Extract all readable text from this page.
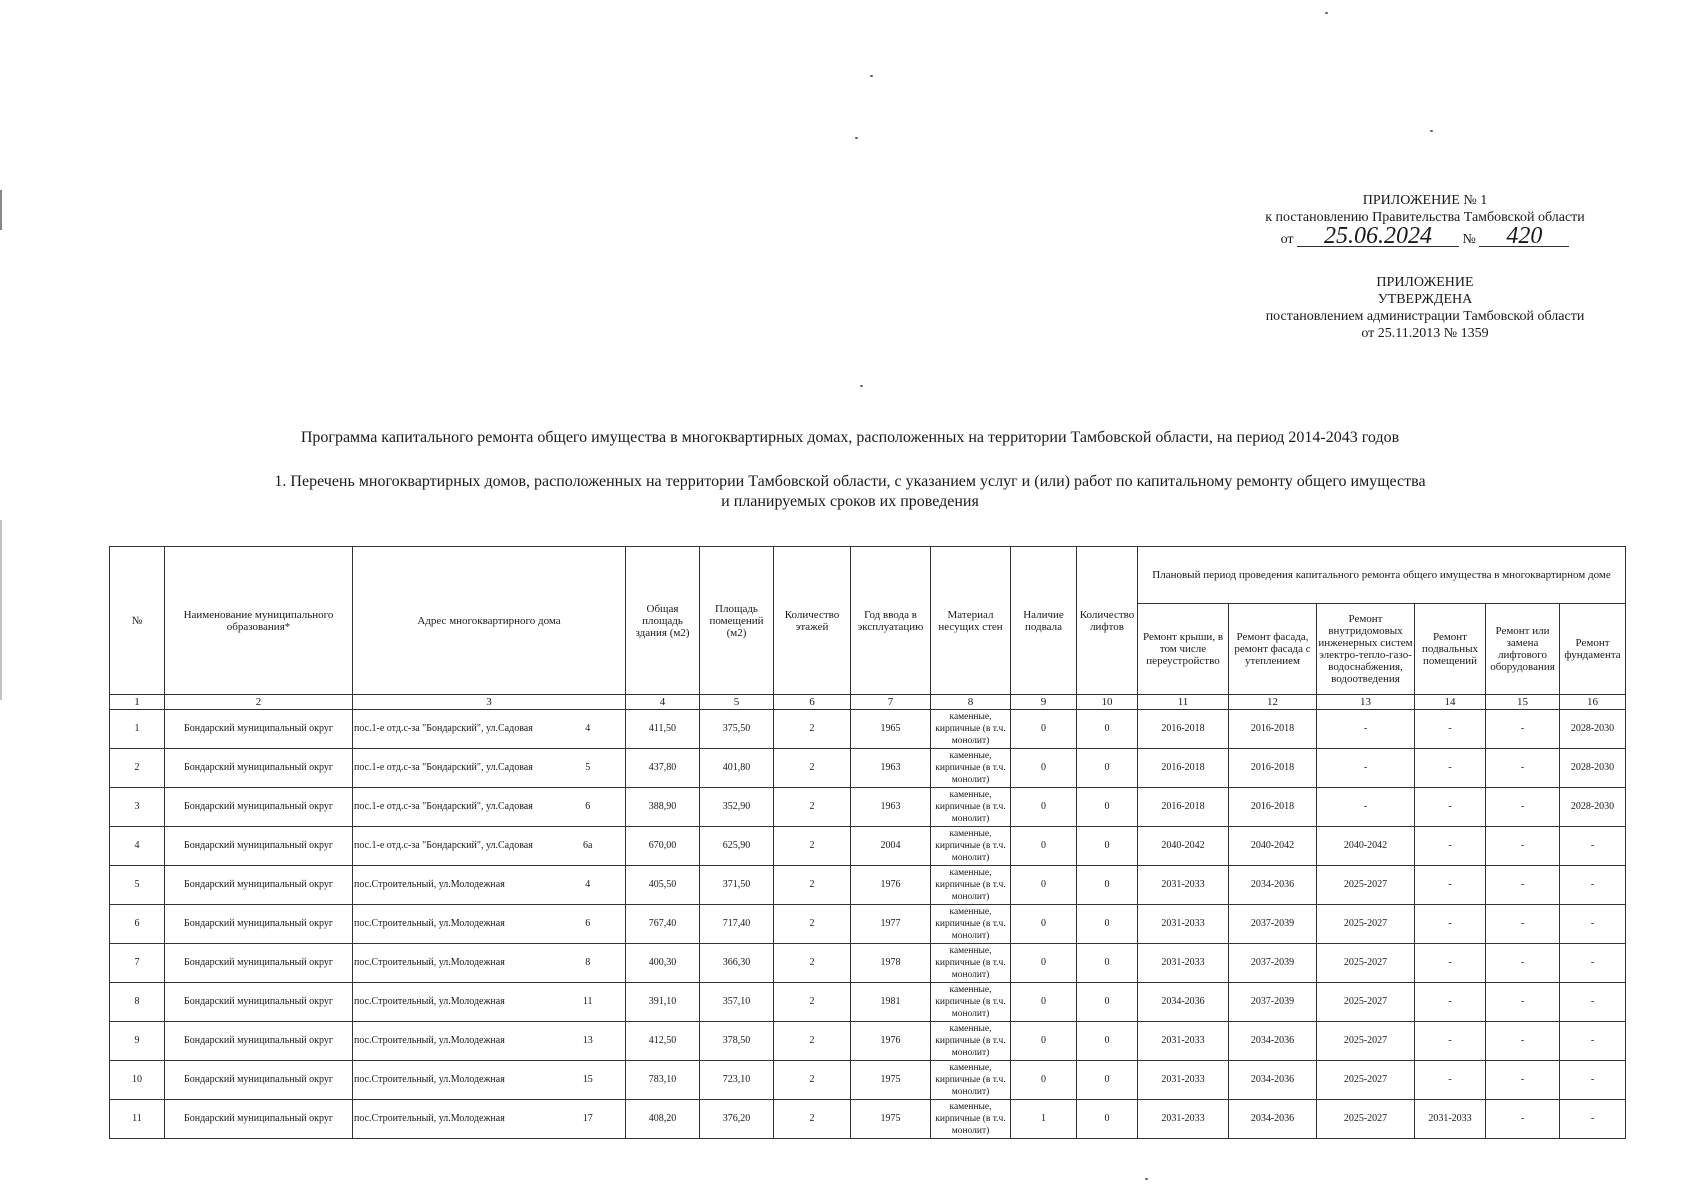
ПРИЛОЖЕНИЕ № 1
к постановлению Правительства Тамбовской области
от 25.06.2024 № 420
ПРИЛОЖЕНИЕ
УТВЕРЖДЕНА
постановлением администрации Тамбовской области
от 25.11.2013 № 1359
Программа капитального ремонта общего имущества в многоквартирных домах, расположенных на территории Тамбовской области, на период 2014-2043 годов
1. Перечень многоквартирных домов, расположенных на территории Тамбовской области, с указанием услуг и (или) работ по капитальному ремонту общего имущества
и планируемых сроков их проведения
№	Наименование муниципального образования*	Адрес многоквартирного дома		Общая площадь здания (м2)	Площадь помещений (м2)	Количество этажей	Год ввода в эксплуатацию	Материал несущих стен	Наличие подвала	Количество лифтов	Плановый период проведения капитального ремонта общего имущества в многоквартирном доме					
											Ремонт крыши, в том числе переустройство	Ремонт фасада, ремонт фасада с утеплением	Ремонт внутридомовых инженерных систем электро-тепло-газо-водоснабжения, водоотведения	Ремонт подвальных помещений	Ремонт или замена лифтового оборудования	Ремонт фундамента
1	2	3		4	5	6	7	8	9	10	11	12	13	14	15	16
1	Бондарский муниципальный округ	пос.1-е отд.с-за "Бондарский", ул.Садовая	4	411,50	375,50	2	1965	каменные, кирпичные (в т.ч. монолит)	0	0	2016-2018	2016-2018	-	-	-	2028-2030
2	Бондарский муниципальный округ	пос.1-е отд.с-за "Бондарский", ул.Садовая	5	437,80	401,80	2	1963	каменные, кирпичные (в т.ч. монолит)	0	0	2016-2018	2016-2018	-	-	-	2028-2030
3	Бондарский муниципальный округ	пос.1-е отд.с-за "Бондарский", ул.Садовая	6	388,90	352,90	2	1963	каменные, кирпичные (в т.ч. монолит)	0	0	2016-2018	2016-2018	-	-	-	2028-2030
4	Бондарский муниципальный округ	пос.1-е отд.с-за "Бондарский", ул.Садовая	6а	670,00	625,90	2	2004	каменные, кирпичные (в т.ч. монолит)	0	0	2040-2042	2040-2042	2040-2042	-	-	-
5	Бондарский муниципальный округ	пос.Строительный, ул.Молодежная	4	405,50	371,50	2	1976	каменные, кирпичные (в т.ч. монолит)	0	0	2031-2033	2034-2036	2025-2027	-	-	-
6	Бондарский муниципальный округ	пос.Строительный, ул.Молодежная	6	767,40	717,40	2	1977	каменные, кирпичные (в т.ч. монолит)	0	0	2031-2033	2037-2039	2025-2027	-	-	-
7	Бондарский муниципальный округ	пос.Строительный, ул.Молодежная	8	400,30	366,30	2	1978	каменные, кирпичные (в т.ч. монолит)	0	0	2031-2033	2037-2039	2025-2027	-	-	-
8	Бондарский муниципальный округ	пос.Строительный, ул.Молодежная	11	391,10	357,10	2	1981	каменные, кирпичные (в т.ч. монолит)	0	0	2034-2036	2037-2039	2025-2027	-	-	-
9	Бондарский муниципальный округ	пос.Строительный, ул.Молодежная	13	412,50	378,50	2	1976	каменные, кирпичные (в т.ч. монолит)	0	0	2031-2033	2034-2036	2025-2027	-	-	-
10	Бондарский муниципальный округ	пос.Строительный, ул.Молодежная	15	783,10	723,10	2	1975	каменные, кирпичные (в т.ч. монолит)	0	0	2031-2033	2034-2036	2025-2027	-	-	-
11	Бондарский муниципальный округ	пос.Строительный, ул.Молодежная	17	408,20	376,20	2	1975	каменные, кирпичные (в т.ч. монолит)	1	0	2031-2033	2034-2036	2025-2027	2031-2033	-	-
